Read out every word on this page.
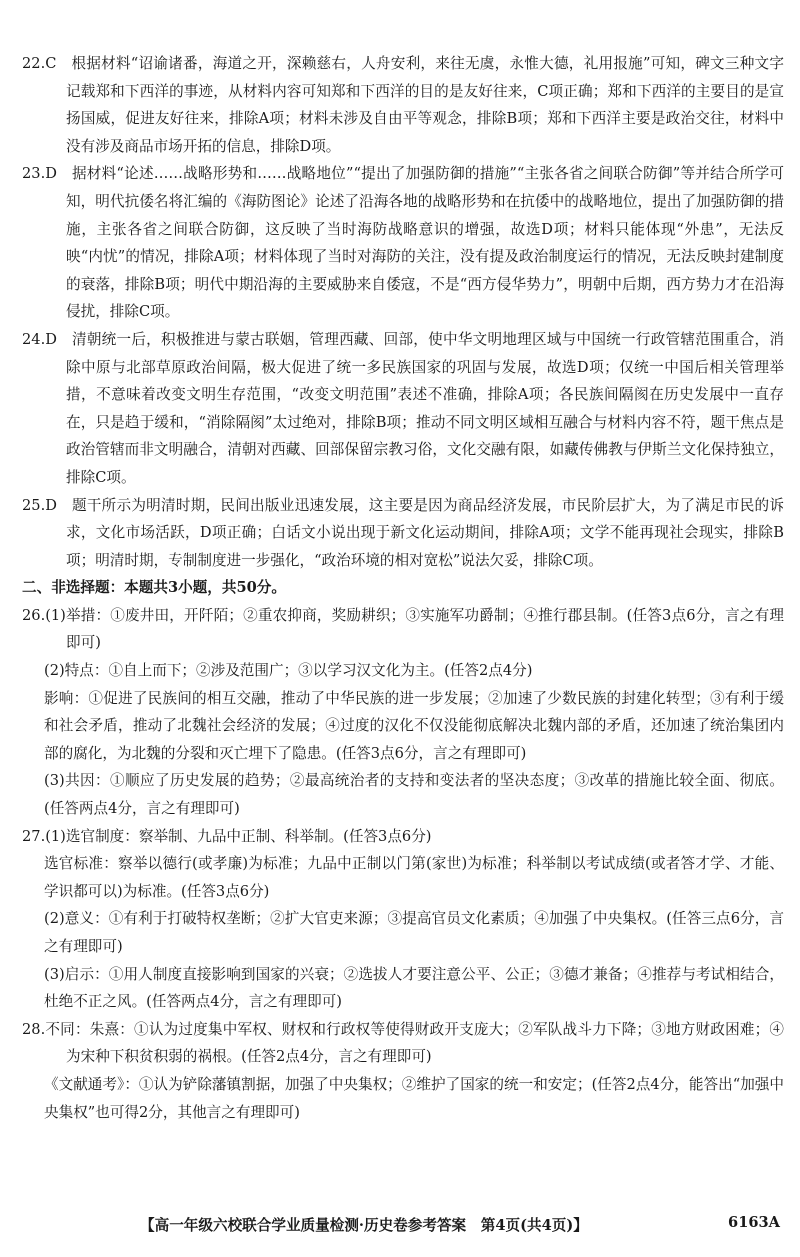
22.C　根据材料“诏谕诸番，海道之开，深赖慈右，人舟安利，来往无虞，永惟大德，礼用报施”可知，碑文三种文字记载郑和下西洋的事迹，从材料内容可知郑和下西洋的目的是友好往来，C项正确；郑和下西洋的主要目的是宣扬国威，促进友好往来，排除A项；材料未涉及自由平等观念，排除B项；郑和下西洋主要是政治交往，材料中没有涉及商品市场开拓的信息，排除D项。

23.D　据材料“论述……战略形势和……战略地位”“提出了加强防御的措施”“主张各省之间联合防御”等并结合所学可知，明代抗倭名将汇编的《海防图论》论述了沿海各地的战略形势和在抗倭中的战略地位，提出了加强防御的措施，主张各省之间联合防御，这反映了当时海防战略意识的增强，故选D项；材料只能体现“外患”，无法反映“内忧”的情况，排除A项；材料体现了当时对海防的关注，没有提及政治制度运行的情况，无法反映封建制度的衰落，排除B项；明代中期沿海的主要威胁来自倭寇，不是“西方侵华势力”，明朝中后期，西方势力才在沿海侵扰，排除C项。

24.D　清朝统一后，积极推进与蒙古联姻，管理西藏、回部，使中华文明地理区域与中国统一行政管辖范围重合，消除中原与北部草原政治间隔，极大促进了统一多民族国家的巩固与发展，故选D项；仅统一中国后相关管理举措，不意味着改变文明生存范围，“改变文明范围”表述不准确，排除A项；各民族间隔阂在历史发展中一直存在，只是趋于缓和，“消除隔阂”太过绝对，排除B项；推动不同文明区域相互融合与材料内容不符，题干焦点是政治管辖而非文明融合，清朝对西藏、回部保留宗教习俗，文化交融有限，如藏传佛教与伊斯兰文化保持独立，排除C项。

25.D　题干所示为明清时期，民间出版业迅速发展，这主要是因为商品经济发展，市民阶层扩大，为了满足市民的诉求，文化市场活跃，D项正确；白话文小说出现于新文化运动期间，排除A项；文学不能再现社会现实，排除B项；明清时期，专制制度进一步强化，“政治环境的相对宽松”说法欠妥，排除C项。

二、非选择题：本题共3小题，共50分。

26.(1)举措：①废井田，开阡陌；②重农抑商，奖励耕织；③实施军功爵制；④推行郡县制。(任答3点6分，言之有理即可)

(2)特点：①自上而下；②涉及范围广；③以学习汉文化为主。(任答2点4分)

影响：①促进了民族间的相互交融，推动了中华民族的进一步发展；②加速了少数民族的封建化转型；③有利于缓和社会矛盾，推动了北魏社会经济的发展；④过度的汉化不仅没能彻底解决北魏内部的矛盾，还加速了统治集团内部的腐化，为北魏的分裂和灭亡埋下了隐患。(任答3点6分，言之有理即可)

(3)共因：①顺应了历史发展的趋势；②最高统治者的支持和变法者的坚决态度；③改革的措施比较全面、彻底。(任答两点4分，言之有理即可)

27.(1)选官制度：察举制、九品中正制、科举制。(任答3点6分)

选官标准：察举以德行(或孝廉)为标准；九品中正制以门第(家世)为标准；科举制以考试成绩(或者答才学、才能、学识都可以)为标准。(任答3点6分)

(2)意义：①有利于打破特权垄断；②扩大官吏来源；③提高官员文化素质；④加强了中央集权。(任答三点6分，言之有理即可)

(3)启示：①用人制度直接影响到国家的兴衰；②选拔人才要注意公平、公正；③德才兼备；④推荐与考试相结合，杜绝不正之风。(任答两点4分，言之有理即可)

28.不同：朱熹：①认为过度集中军权、财权和行政权等使得财政开支庞大；②军队战斗力下降；③地方财政困难；④为宋种下积贫积弱的祸根。(任答2点4分，言之有理即可)

《文献通考》：①认为铲除藩镇割据，加强了中央集权；②维护了国家的统一和安定；(任答2点4分，能答出“加强中央集权”也可得2分，其他言之有理即可)

【高一年级六校联合学业质量检测·历史卷参考答案　第4页(共4页)】	6163A
